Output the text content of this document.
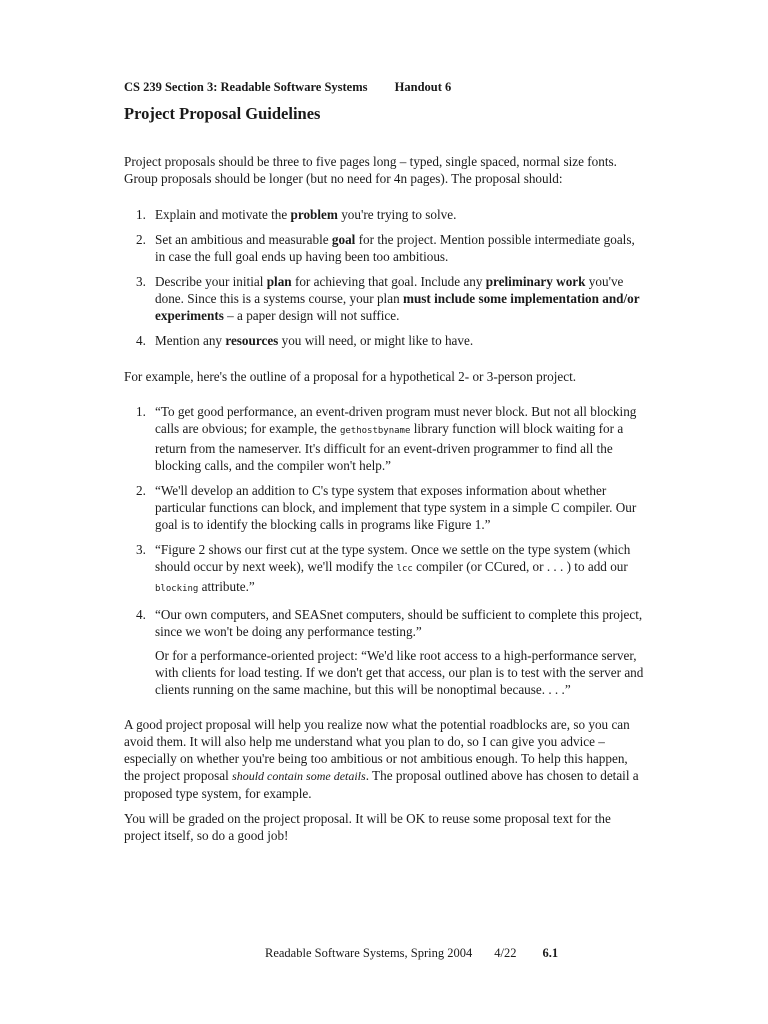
CS 239 Section 3: Readable Software Systems Handout 6
Project Proposal Guidelines

Project proposals should be three to five pages long – typed, single spaced, normal size fonts. Group proposals should be longer (but no need for 4n pages). The proposal should:

1. Explain and motivate the problem you're trying to solve.
2. Set an ambitious and measurable goal for the project. Mention possible intermediate goals, in case the full goal ends up having been too ambitious.
3. Describe your initial plan for achieving that goal. Include any preliminary work you've done. Since this is a systems course, your plan must include some implementation and/or experiments – a paper design will not suffice.
4. Mention any resources you will need, or might like to have.

For example, here's the outline of a proposal for a hypothetical 2- or 3-person project.

1. “To get good performance, an event-driven program must never block. But not all blocking calls are obvious; for example, the gethostbyname library function will block waiting for a return from the nameserver. It's difficult for an event-driven programmer to find all the blocking calls, and the compiler won't help.”
2. “We'll develop an addition to C's type system that exposes information about whether particular functions can block, and implement that type system in a simple C compiler. Our goal is to identify the blocking calls in programs like Figure 1.”
3. “Figure 2 shows our first cut at the type system. Once we settle on the type system (which should occur by next week), we'll modify the lcc compiler (or CCured, or . . . ) to add our blocking attribute.”
4. “Our own computers, and SEASnet computers, should be sufficient to complete this project, since we won't be doing any performance testing.”
Or for a performance-oriented project: “We'd like root access to a high-performance server, with clients for load testing. If we don't get that access, our plan is to test with the server and clients running on the same machine, but this will be nonoptimal because. . . .”

A good project proposal will help you realize now what the potential roadblocks are, so you can avoid them. It will also help me understand what you plan to do, so I can give you advice – especially on whether you're being too ambitious or not ambitious enough. To help this happen, the project proposal should contain some details. The proposal outlined above has chosen to detail a proposed type system, for example.

You will be graded on the project proposal. It will be OK to reuse some proposal text for the project itself, so do a good job!

Readable Software Systems, Spring 2004 4/22 6.1
